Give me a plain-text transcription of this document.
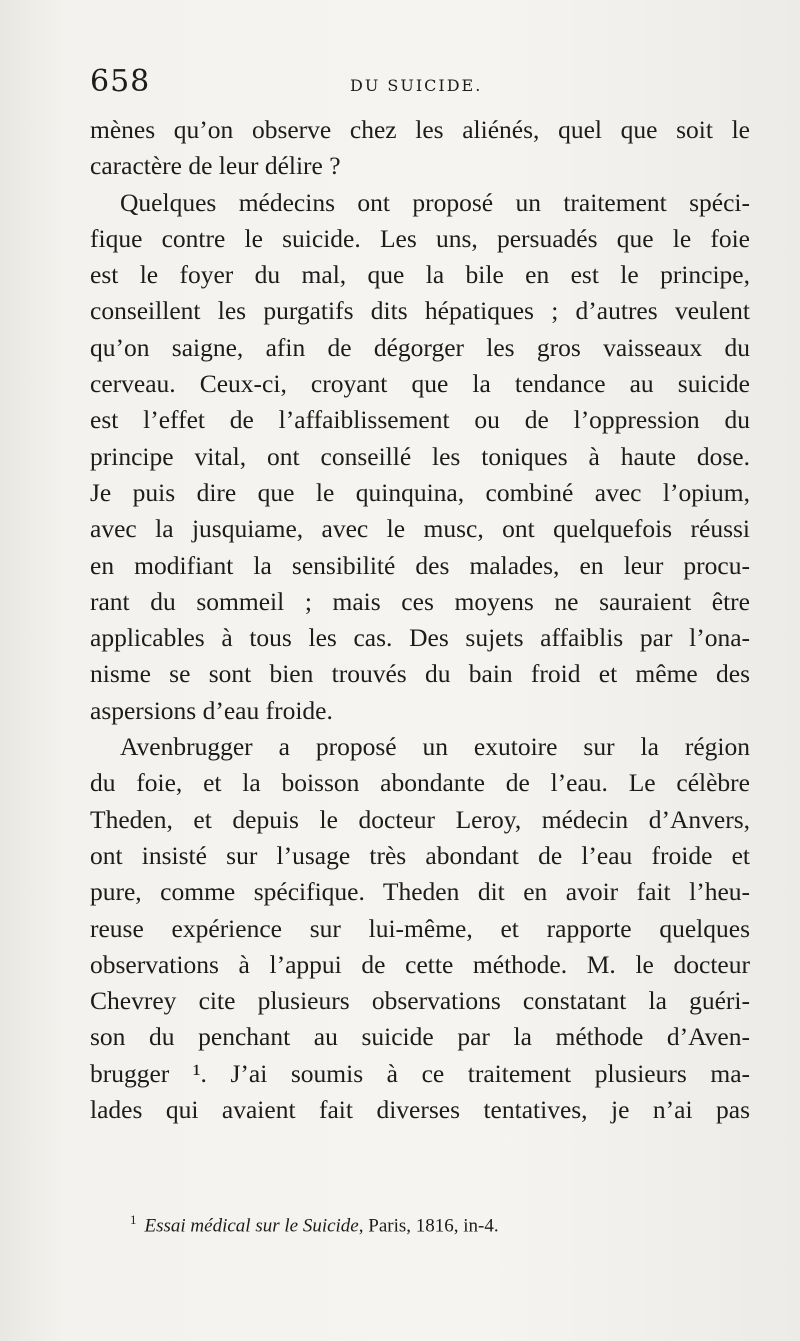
658	DU SUICIDE.
mènes qu’on observe chez les aliénés, quel que soit le
caractère de leur délire ?
Quelques médecins ont proposé un traitement spéci-
fique contre le suicide. Les uns, persuadés que le foie
est le foyer du mal, que la bile en est le principe,
conseillent les purgatifs dits hépatiques ; d’autres veulent
qu’on saigne, afin de dégorger les gros vaisseaux du
cerveau. Ceux-ci, croyant que la tendance au suicide
est l’effet de l’affaiblissement ou de l’oppression du
principe vital, ont conseillé les toniques à haute dose.
Je puis dire que le quinquina, combiné avec l’opium,
avec la jusquiame, avec le musc, ont quelquefois réussi
en modifiant la sensibilité des malades, en leur procu-
rant du sommeil ; mais ces moyens ne sauraient être
applicables à tous les cas. Des sujets affaiblis par l’ona-
nisme se sont bien trouvés du bain froid et même des
aspersions d’eau froide.
Avenbrugger a proposé un exutoire sur la région
du foie, et la boisson abondante de l’eau. Le célèbre
Theden, et depuis le docteur Leroy, médecin d’Anvers,
ont insisté sur l’usage très abondant de l’eau froide et
pure, comme spécifique. Theden dit en avoir fait l’heu-
reuse expérience sur lui-même, et rapporte quelques
observations à l’appui de cette méthode. M. le docteur
Chevrey cite plusieurs observations constatant la guéri-
son du penchant au suicide par la méthode d’Aven-
brugger ¹. J’ai soumis à ce traitement plusieurs ma-
lades qui avaient fait diverses tentatives, je n’ai pas
$^1$ Essai médical sur le Suicide, Paris, 1816, in-4.
